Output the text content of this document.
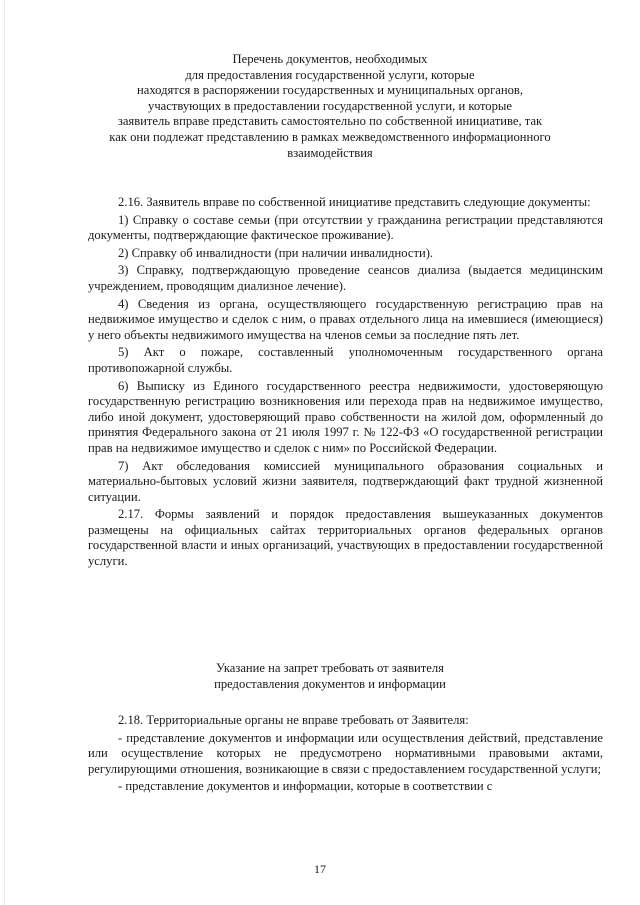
Перечень документов, необходимых
для предоставления государственной услуги, которые
находятся в распоряжении государственных и муниципальных органов,
участвующих в предоставлении государственной услуги, и которые
заявитель вправе представить самостоятельно по собственной инициативе, так
как они подлежат представлению в рамках межведомственного информационного
взаимодействия

2.16. Заявитель вправе по собственной инициативе представить следующие документы:

1) Справку о составе семьи (при отсутствии у гражданина регистрации представляются документы, подтверждающие фактическое проживание).

2) Справку об инвалидности (при наличии инвалидности).

3) Справку, подтверждающую проведение сеансов диализа (выдается медицинским учреждением, проводящим диализное лечение).

4) Сведения из органа, осуществляющего государственную регистрацию прав на недвижимое имущество и сделок с ним, о правах отдельного лица на имевшиеся (имеющиеся) у него объекты недвижимого имущества на членов семьи за последние пять лет.

5) Акт о пожаре, составленный уполномоченным государственного органа противопожарной службы.

6) Выписку из Единого государственного реестра недвижимости, удостоверяющую государственную регистрацию возникновения или перехода прав на недвижимое имущество, либо иной документ, удостоверяющий право собственности на жилой дом, оформленный до принятия Федерального закона от 21 июля 1997 г. № 122-ФЗ «О государственной регистрации прав на недвижимое имущество и сделок с ним» по Российской Федерации.

7) Акт обследования комиссией муниципального образования социальных и материально-бытовых условий жизни заявителя, подтверждающий факт трудной жизненной ситуации.

2.17. Формы заявлений и порядок предоставления вышеуказанных документов размещены на официальных сайтах территориальных органов федеральных органов государственной власти и иных организаций, участвующих в предоставлении государственной услуги.

Указание на запрет требовать от заявителя
предоставления документов и информации

2.18. Территориальные органы не вправе требовать от Заявителя:

- представление документов и информации или осуществления действий, представление или осуществление которых не предусмотрено нормативными правовыми актами, регулирующими отношения, возникающие в связи с предоставлением государственной услуги;

- представление документов и информации, которые в соответствии с

17
